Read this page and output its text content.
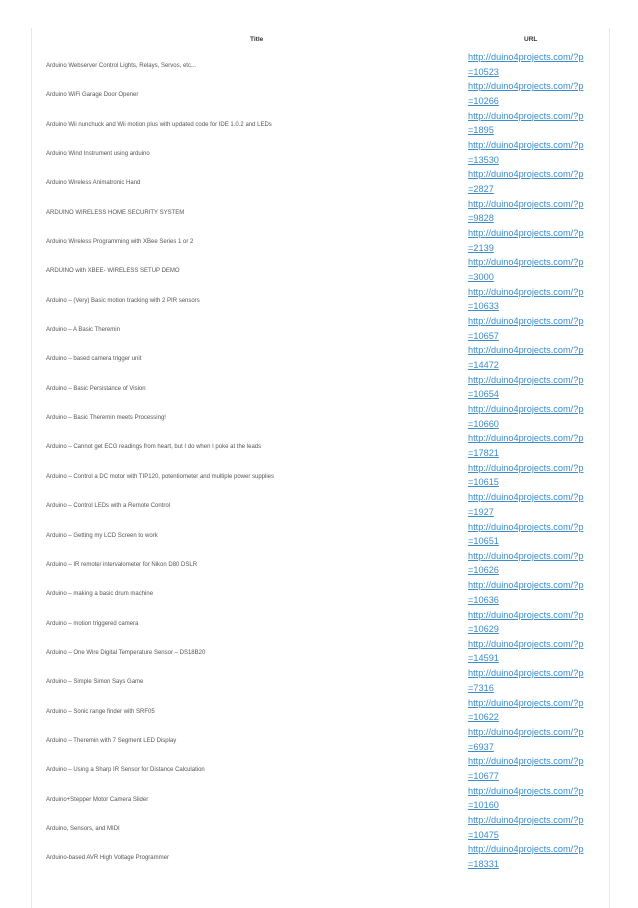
Title	URL
Arduino Webserver Control Lights, Relays, Servos, etc...
http://duino4projects.com/?p=10523
Arduino WiFi Garage Door Opener
http://duino4projects.com/?p=10266
Arduino Wii nunchuck and Wii motion plus with updated code for IDE 1.0.2 and LEDs
http://duino4projects.com/?p=1895
Arduino Wind Instrument using arduino
http://duino4projects.com/?p=13530
Arduino Wireless Animatronic Hand
http://duino4projects.com/?p=2827
ARDUINO WIRELESS HOME SECURITY SYSTEM
http://duino4projects.com/?p=9828
Arduino Wireless Programming with XBee Series 1 or 2
http://duino4projects.com/?p=2139
ARDUINO with XBEE- WIRELESS SETUP DEMO
http://duino4projects.com/?p=3000
Arduino – (Very) Basic motion tracking with 2 PIR sensors
http://duino4projects.com/?p=10633
Arduino – A Basic Theremin
http://duino4projects.com/?p=10657
Arduino – based camera trigger unit
http://duino4projects.com/?p=14472
Arduino – Basic Persistance of Vision
http://duino4projects.com/?p=10654
Arduino – Basic Theremin meets Processing!
http://duino4projects.com/?p=10660
Arduino – Cannot get ECG readings from heart, but I do when I poke at the leads
http://duino4projects.com/?p=17821
Arduino – Control a DC motor with TIP120, potentiometer and multiple power supplies
http://duino4projects.com/?p=10615
Arduino – Control LEDs with a Remote Control
http://duino4projects.com/?p=1927
Arduino – Getting my LCD Screen to work
http://duino4projects.com/?p=10651
Arduino – IR remote/ intervalometer for Nikon D80 DSLR
http://duino4projects.com/?p=10626
Arduino – making a basic drum machine
http://duino4projects.com/?p=10636
Arduino – motion triggered camera
http://duino4projects.com/?p=10629
Arduino – One Wire Digital Temperature Sensor – DS18B20
http://duino4projects.com/?p=14591
Arduino – Simple Simon Says Game
http://duino4projects.com/?p=7316
Arduino – Sonic range finder with SRF05
http://duino4projects.com/?p=10622
Arduino – Theremin with 7 Segment LED Display
http://duino4projects.com/?p=6937
Arduino – Using a Sharp IR Sensor for Distance Calculation
http://duino4projects.com/?p=10677
Arduino+Stepper Motor Camera Slider
http://duino4projects.com/?p=10160
Arduino, Sensors, and MIDI
http://duino4projects.com/?p=10475
Arduino-based AVR High Voltage Programmer
http://duino4projects.com/?p=18331
